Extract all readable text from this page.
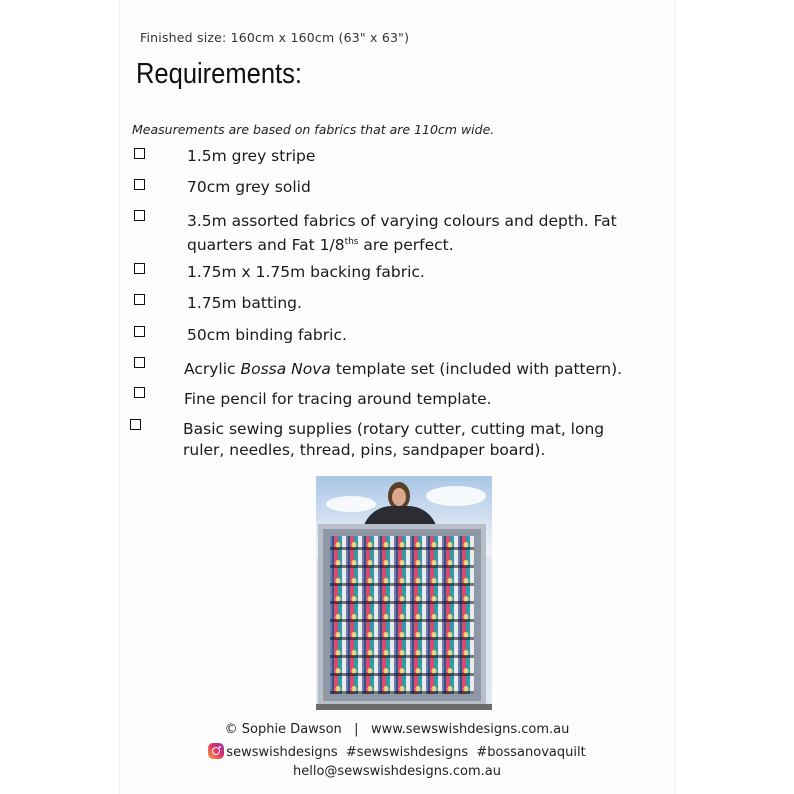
Finished size: 160cm x 160cm (63" x 63")
Requirements:
Measurements are based on fabrics that are 110cm wide.
1.5m grey stripe
70cm grey solid
3.5m assorted fabrics of varying colours and depth. Fat quarters and Fat $1/8^{ths}$ are perfect.
1.75m x 1.75m backing fabric.
1.75m batting.
50cm binding fabric.
Acrylic Bossa Nova template set (included with pattern).
Fine pencil for tracing around template.
Basic sewing supplies (rotary cutter, cutting mat, long ruler, needles, thread, pins, sandpaper board).
© Sophie Dawson | www.sewswishdesigns.com.au
sewswishdesigns #sewswishdesigns #bossanovaquilt
hello@sewswishdesigns.com.au
